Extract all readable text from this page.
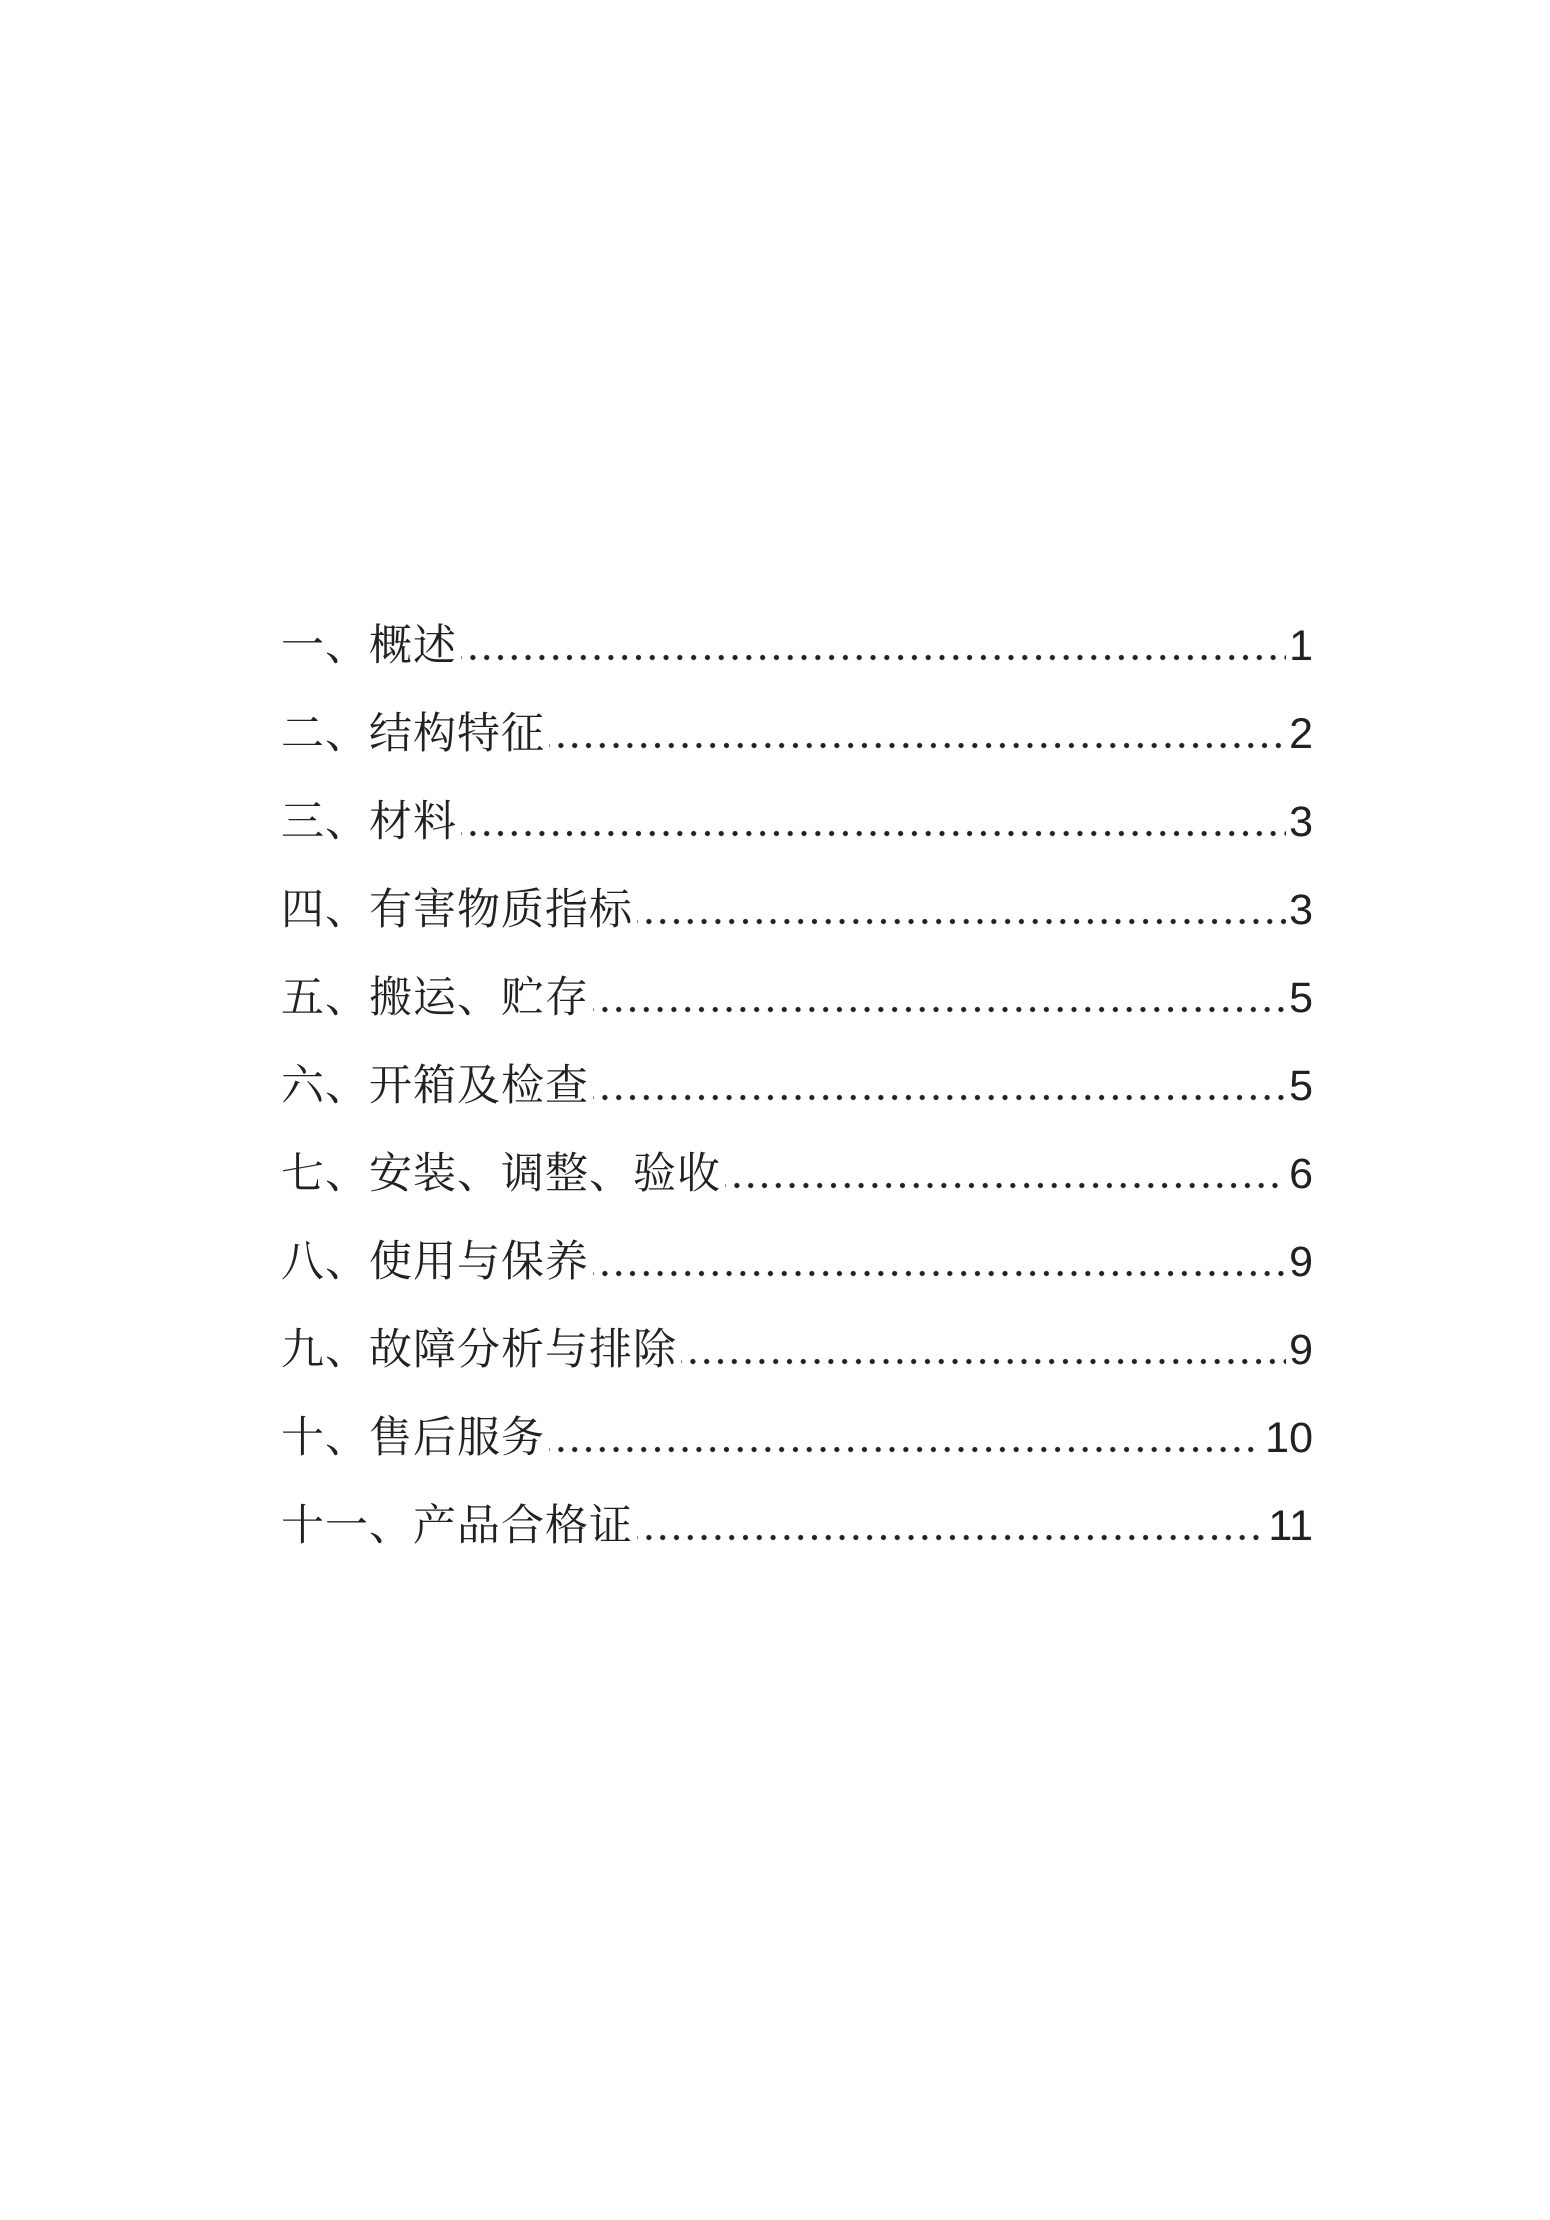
一、概述	1
二、结构特征	2
三、材料	3
四、有害物质指标	3
五、搬运、贮存	5
六、开箱及检查	5
七、安装、调整、验收	6
八、使用与保养	9
九、故障分析与排除	9
十、售后服务	10
十一、产品合格证	11
